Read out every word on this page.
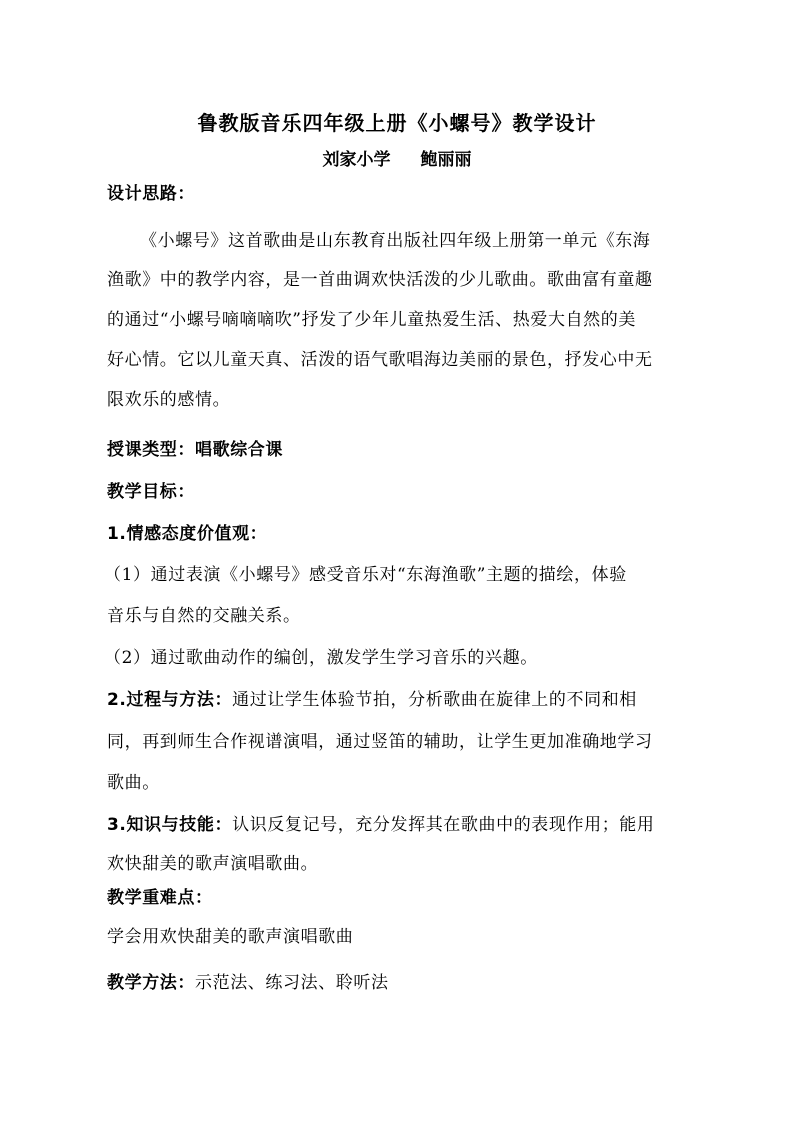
鲁教版音乐四年级上册《小螺号》教学设计
刘家小学 鲍丽丽
设计思路：
《小螺号》这首歌曲是山东教育出版社四年级上册第一单元《东海
渔歌》中的教学内容，是一首曲调欢快活泼的少儿歌曲。歌曲富有童趣
的通过“小螺号嘀嘀嘀吹”抒发了少年儿童热爱生活、热爱大自然的美
好心情。它以儿童天真、活泼的语气歌唱海边美丽的景色，抒发心中无
限欢乐的感情。
授课类型：唱歌综合课
教学目标：
1.情感态度价值观：
（1）通过表演《小螺号》感受音乐对“东海渔歌”主题的描绘，体验
音乐与自然的交融关系。
（2）通过歌曲动作的编创，激发学生学习音乐的兴趣。
2.过程与方法：通过让学生体验节拍，分析歌曲在旋律上的不同和相
同，再到师生合作视谱演唱，通过竖笛的辅助，让学生更加准确地学习
歌曲。
3.知识与技能：认识反复记号，充分发挥其在歌曲中的表现作用；能用
欢快甜美的歌声演唱歌曲。
教学重难点：
学会用欢快甜美的歌声演唱歌曲
教学方法：示范法、练习法、聆听法
